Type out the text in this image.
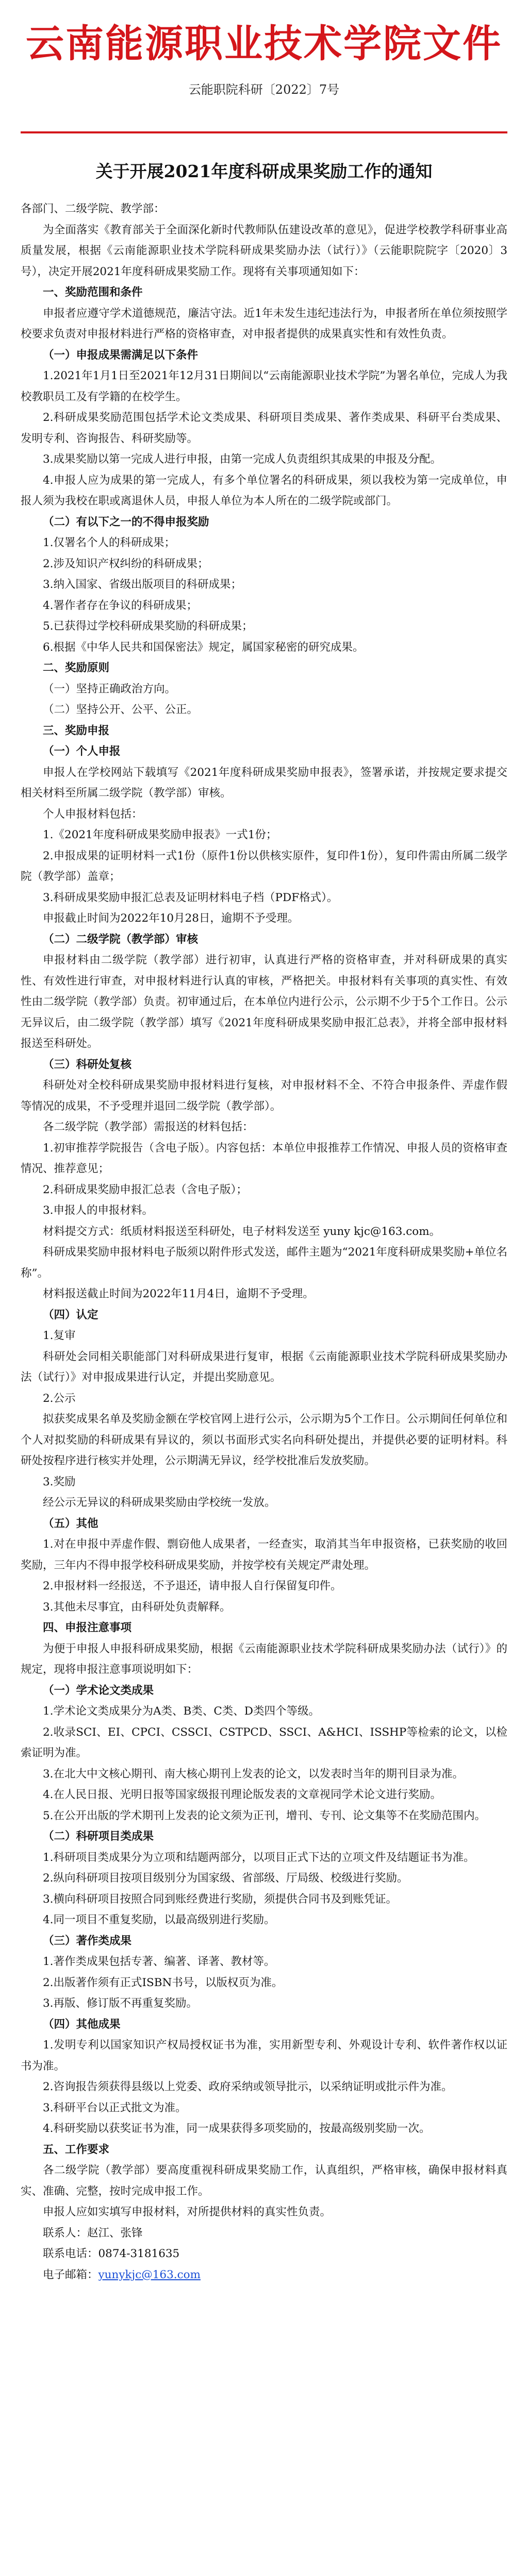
云南能源职业技术学院文件
云能职院科研〔2022〕7号
关于开展2021年度科研成果奖励工作的通知

各部门、二级学院、教学部：

为全面落实《教育部关于全面深化新时代教师队伍建设改革的意见》，促进学校教学科研事业高质量发展，根据《云南能源职业技术学院科研成果奖励办法（试行）》（云能职院院字〔2020〕3号），决定开展2021年度科研成果奖励工作。现将有关事项通知如下：

一、奖励范围和条件

申报者应遵守学术道德规范，廉洁守法。近1年未发生违纪违法行为，申报者所在单位须按照学校要求负责对申报材料进行严格的资格审查，对申报者提供的成果真实性和有效性负责。

（一）申报成果需满足以下条件

1.2021年1月1日至2021年12月31日期间以“云南能源职业技术学院”为署名单位，完成人为我校教职员工及有学籍的在校学生。

2.科研成果奖励范围包括学术论文类成果、科研项目类成果、著作类成果、科研平台类成果、发明专利、咨询报告、科研奖励等。

3.成果奖励以第一完成人进行申报，由第一完成人负责组织其成果的申报及分配。

4.申报人应为成果的第一完成人，有多个单位署名的科研成果，须以我校为第一完成单位，申报人须为我校在职或离退休人员，申报人单位为本人所在的二级学院或部门。

（二）有以下之一的不得申报奖励

1.仅署名个人的科研成果；

2.涉及知识产权纠纷的科研成果；

3.纳入国家、省级出版项目的科研成果；

4.署作者存在争议的科研成果；

5.已获得过学校科研成果奖励的科研成果；

6.根据《中华人民共和国保密法》规定，属国家秘密的研究成果。

二、奖励原则

（一）坚持正确政治方向。

（二）坚持公开、公平、公正。

三、奖励申报

（一）个人申报

申报人在学校网站下载填写《2021年度科研成果奖励申报表》，签署承诺，并按规定要求提交相关材料至所属二级学院（教学部）审核。

个人申报材料包括：

1.《2021年度科研成果奖励申报表》一式1份；

2.申报成果的证明材料一式1份（原件1份以供核实原件，复印件1份），复印件需由所属二级学院（教学部）盖章；

3.科研成果奖励申报汇总表及证明材料电子档（PDF格式）。

申报截止时间为2022年10月28日，逾期不予受理。

（二）二级学院（教学部）审核

申报材料由二级学院（教学部）进行初审，认真进行严格的资格审查，并对科研成果的真实性、有效性进行审查，对申报材料进行认真的审核，严格把关。申报材料有关事项的真实性、有效性由二级学院（教学部）负责。初审通过后，在本单位内进行公示，公示期不少于5个工作日。公示无异议后，由二级学院（教学部）填写《2021年度科研成果奖励申报汇总表》，并将全部申报材料报送至科研处。

（三）科研处复核

科研处对全校科研成果奖励申报材料进行复核，对申报材料不全、不符合申报条件、弄虚作假等情况的成果，不予受理并退回二级学院（教学部）。

各二级学院（教学部）需报送的材料包括：

1.初审推荐学院报告（含电子版）。内容包括：本单位申报推荐工作情况、申报人员的资格审查情况、推荐意见；

2.科研成果奖励申报汇总表（含电子版）；

3.申报人的申报材料。

材料提交方式：纸质材料报送至科研处，电子材料发送至 yuny kjc@163.com。

科研成果奖励申报材料电子版须以附件形式发送，邮件主题为“2021年度科研成果奖励+单位名称”。

材料报送截止时间为2022年11月4日，逾期不予受理。

（四）认定

1.复审

科研处会同相关职能部门对科研成果进行复审，根据《云南能源职业技术学院科研成果奖励办法（试行）》对申报成果进行认定，并提出奖励意见。

2.公示

拟获奖成果名单及奖励金额在学校官网上进行公示，公示期为5个工作日。公示期间任何单位和个人对拟奖励的科研成果有异议的，须以书面形式实名向科研处提出，并提供必要的证明材料。科研处按程序进行核实并处理，公示期满无异议，经学校批准后发放奖励。

3.奖励

经公示无异议的科研成果奖励由学校统一发放。

（五）其他

1.对在申报中弄虚作假、剽窃他人成果者，一经查实，取消其当年申报资格，已获奖励的收回奖励，三年内不得申报学校科研成果奖励，并按学校有关规定严肃处理。

2.申报材料一经报送，不予退还，请申报人自行保留复印件。

3.其他未尽事宜，由科研处负责解释。

四、申报注意事项

为便于申报人申报科研成果奖励，根据《云南能源职业技术学院科研成果奖励办法（试行）》的规定，现将申报注意事项说明如下：

（一）学术论文类成果

1.学术论文类成果分为A类、B类、C类、D类四个等级。

2.收录SCI、EI、CPCI、CSSCI、CSTPCD、SSCI、A&HCI、ISSHP等检索的论文，以检索证明为准。

3.在北大中文核心期刊、南大核心期刊上发表的论文，以发表时当年的期刊目录为准。

4.在人民日报、光明日报等国家级报刊理论版发表的文章视同学术论文进行奖励。

5.在公开出版的学术期刊上发表的论文须为正刊，增刊、专刊、论文集等不在奖励范围内。

（二）科研项目类成果

1.科研项目类成果分为立项和结题两部分，以项目正式下达的立项文件及结题证书为准。

2.纵向科研项目按项目级别分为国家级、省部级、厅局级、校级进行奖励。

3.横向科研项目按照合同到账经费进行奖励，须提供合同书及到账凭证。

4.同一项目不重复奖励，以最高级别进行奖励。

（三）著作类成果

1.著作类成果包括专著、编著、译著、教材等。

2.出版著作须有正式ISBN书号，以版权页为准。

3.再版、修订版不再重复奖励。

（四）其他成果

1.发明专利以国家知识产权局授权证书为准，实用新型专利、外观设计专利、软件著作权以证书为准。

2.咨询报告须获得县级以上党委、政府采纳或领导批示，以采纳证明或批示件为准。

3.科研平台以正式批文为准。

4.科研奖励以获奖证书为准，同一成果获得多项奖励的，按最高级别奖励一次。

五、工作要求

各二级学院（教学部）要高度重视科研成果奖励工作，认真组织，严格审核，确保申报材料真实、准确、完整，按时完成申报工作。

申报人应如实填写申报材料，对所提供材料的真实性负责。

联系人：赵江、张锋

联系电话：0874-3181635

电子邮箱：yunykjc@163.com
